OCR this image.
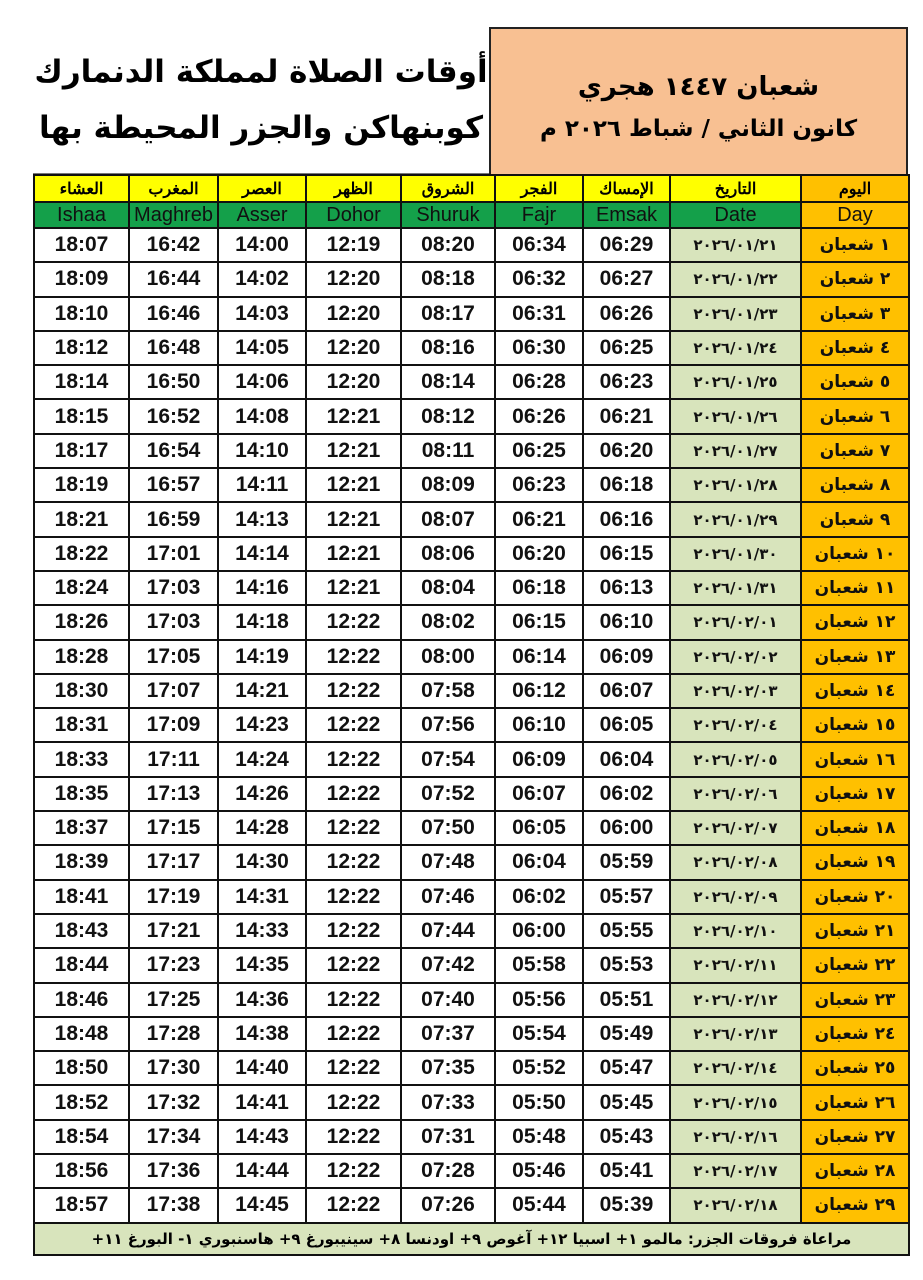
أوقات الصلاة لمملكة الدنمارك
كوبنهاكن والجزر المحيطة بها
شعبان ١٤٤٧ هجري
كانون الثاني / شباط ٢٠٢٦ م
العشاء	المغرب	العصر	الظهر	الشروق	الفجر	الإمساك	التاريخ	اليوم
Ishaa	Maghreb	Asser	Dohor	Shuruk	Fajr	Emsak	Date	Day
18:07	16:42	14:00	12:19	08:20	06:34	06:29	٢٠٢٦/٠١/٢١	١ شعبان
18:09	16:44	14:02	12:20	08:18	06:32	06:27	٢٠٢٦/٠١/٢٢	٢ شعبان
18:10	16:46	14:03	12:20	08:17	06:31	06:26	٢٠٢٦/٠١/٢٣	٣ شعبان
18:12	16:48	14:05	12:20	08:16	06:30	06:25	٢٠٢٦/٠١/٢٤	٤ شعبان
18:14	16:50	14:06	12:20	08:14	06:28	06:23	٢٠٢٦/٠١/٢٥	٥ شعبان
18:15	16:52	14:08	12:21	08:12	06:26	06:21	٢٠٢٦/٠١/٢٦	٦ شعبان
18:17	16:54	14:10	12:21	08:11	06:25	06:20	٢٠٢٦/٠١/٢٧	٧ شعبان
18:19	16:57	14:11	12:21	08:09	06:23	06:18	٢٠٢٦/٠١/٢٨	٨ شعبان
18:21	16:59	14:13	12:21	08:07	06:21	06:16	٢٠٢٦/٠١/٢٩	٩ شعبان
18:22	17:01	14:14	12:21	08:06	06:20	06:15	٢٠٢٦/٠١/٣٠	١٠ شعبان
18:24	17:03	14:16	12:21	08:04	06:18	06:13	٢٠٢٦/٠١/٣١	١١ شعبان
18:26	17:03	14:18	12:22	08:02	06:15	06:10	٢٠٢٦/٠٢/٠١	١٢ شعبان
18:28	17:05	14:19	12:22	08:00	06:14	06:09	٢٠٢٦/٠٢/٠٢	١٣ شعبان
18:30	17:07	14:21	12:22	07:58	06:12	06:07	٢٠٢٦/٠٢/٠٣	١٤ شعبان
18:31	17:09	14:23	12:22	07:56	06:10	06:05	٢٠٢٦/٠٢/٠٤	١٥ شعبان
18:33	17:11	14:24	12:22	07:54	06:09	06:04	٢٠٢٦/٠٢/٠٥	١٦ شعبان
18:35	17:13	14:26	12:22	07:52	06:07	06:02	٢٠٢٦/٠٢/٠٦	١٧ شعبان
18:37	17:15	14:28	12:22	07:50	06:05	06:00	٢٠٢٦/٠٢/٠٧	١٨ شعبان
18:39	17:17	14:30	12:22	07:48	06:04	05:59	٢٠٢٦/٠٢/٠٨	١٩ شعبان
18:41	17:19	14:31	12:22	07:46	06:02	05:57	٢٠٢٦/٠٢/٠٩	٢٠ شعبان
18:43	17:21	14:33	12:22	07:44	06:00	05:55	٢٠٢٦/٠٢/١٠	٢١ شعبان
18:44	17:23	14:35	12:22	07:42	05:58	05:53	٢٠٢٦/٠٢/١١	٢٢ شعبان
18:46	17:25	14:36	12:22	07:40	05:56	05:51	٢٠٢٦/٠٢/١٢	٢٣ شعبان
18:48	17:28	14:38	12:22	07:37	05:54	05:49	٢٠٢٦/٠٢/١٣	٢٤ شعبان
18:50	17:30	14:40	12:22	07:35	05:52	05:47	٢٠٢٦/٠٢/١٤	٢٥ شعبان
18:52	17:32	14:41	12:22	07:33	05:50	05:45	٢٠٢٦/٠٢/١٥	٢٦ شعبان
18:54	17:34	14:43	12:22	07:31	05:48	05:43	٢٠٢٦/٠٢/١٦	٢٧ شعبان
18:56	17:36	14:44	12:22	07:28	05:46	05:41	٢٠٢٦/٠٢/١٧	٢٨ شعبان
18:57	17:38	14:45	12:22	07:26	05:44	05:39	٢٠٢٦/٠٢/١٨	٢٩ شعبان
مراعاة فروقات الجزر: مالمو ١+ اسبيا ١٢+ آغوص ٩+ اودنسا ٨+ سينيبورغ ٩+ هاسنبوري ١- البورغ ١١+								
